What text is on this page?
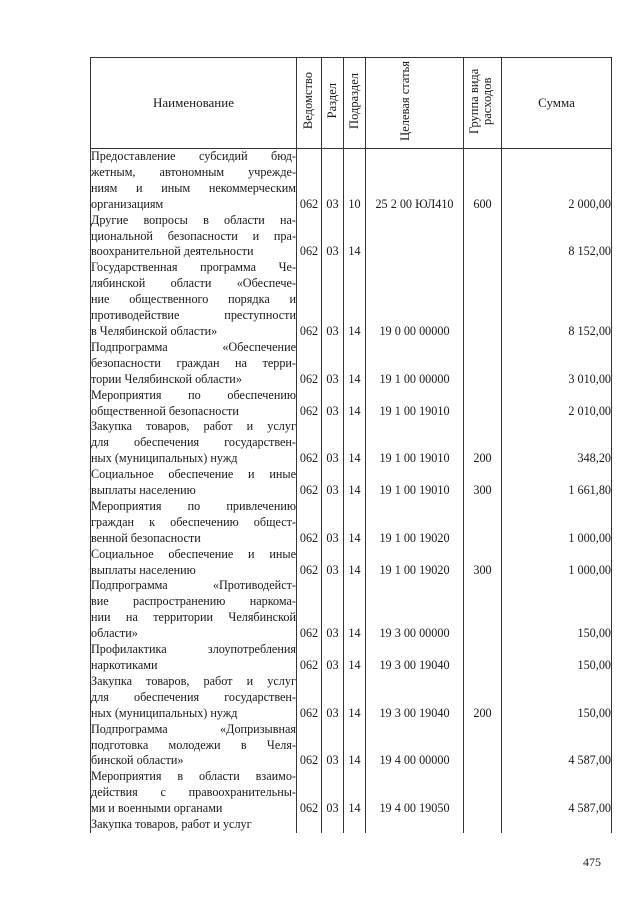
Наименование	Ведомство	Раздел	Подраздел	Целевая статья	Группа вида расходов	Сумма

Предоставление субсидий бюд-
жетным, автономным учрежде-
ниям и иным некоммерческим
организациям	062	03	10	25 2 00 ЮЛ410	600	2 000,00

Другие вопросы в области на-
циональной безопасности и пра-
воохранительной деятельности	062	03	14			8 152,00

Государственная программа Че-
лябинской области «Обеспече-
ние общественного порядка и
противодействие преступности
в Челябинской области»	062	03	14	19 0 00 00000		8 152,00

Подпрограмма «Обеспечение
безопасности граждан на терри-
тории Челябинской области»	062	03	14	19 1 00 00000		3 010,00

Мероприятия по обеспечению
общественной безопасности	062	03	14	19 1 00 19010		2 010,00

Закупка товаров, работ и услуг
для обеспечения государствен-
ных (муниципальных) нужд	062	03	14	19 1 00 19010	200	348,20

Социальное обеспечение и иные
выплаты населению	062	03	14	19 1 00 19010	300	1 661,80

Мероприятия по привлечению
граждан к обеспечению общест-
венной безопасности	062	03	14	19 1 00 19020		1 000,00

Социальное обеспечение и иные
выплаты населению	062	03	14	19 1 00 19020	300	1 000,00

Подпрограмма «Противодейст-
вие распространению наркома-
нии на территории Челябинской
области»	062	03	14	19 3 00 00000		150,00

Профилактика злоупотребления
наркотиками	062	03	14	19 3 00 19040		150,00

Закупка товаров, работ и услуг
для обеспечения государствен-
ных (муниципальных) нужд	062	03	14	19 3 00 19040	200	150,00

Подпрограмма «Допризывная
подготовка молодежи в Челя-
бинской области»	062	03	14	19 4 00 00000		4 587,00

Мероприятия в области взаимо-
действия с правоохранительны-
ми и военными органами	062	03	14	19 4 00 19050		4 587,00

Закупка товаров, работ и услуг						

475
